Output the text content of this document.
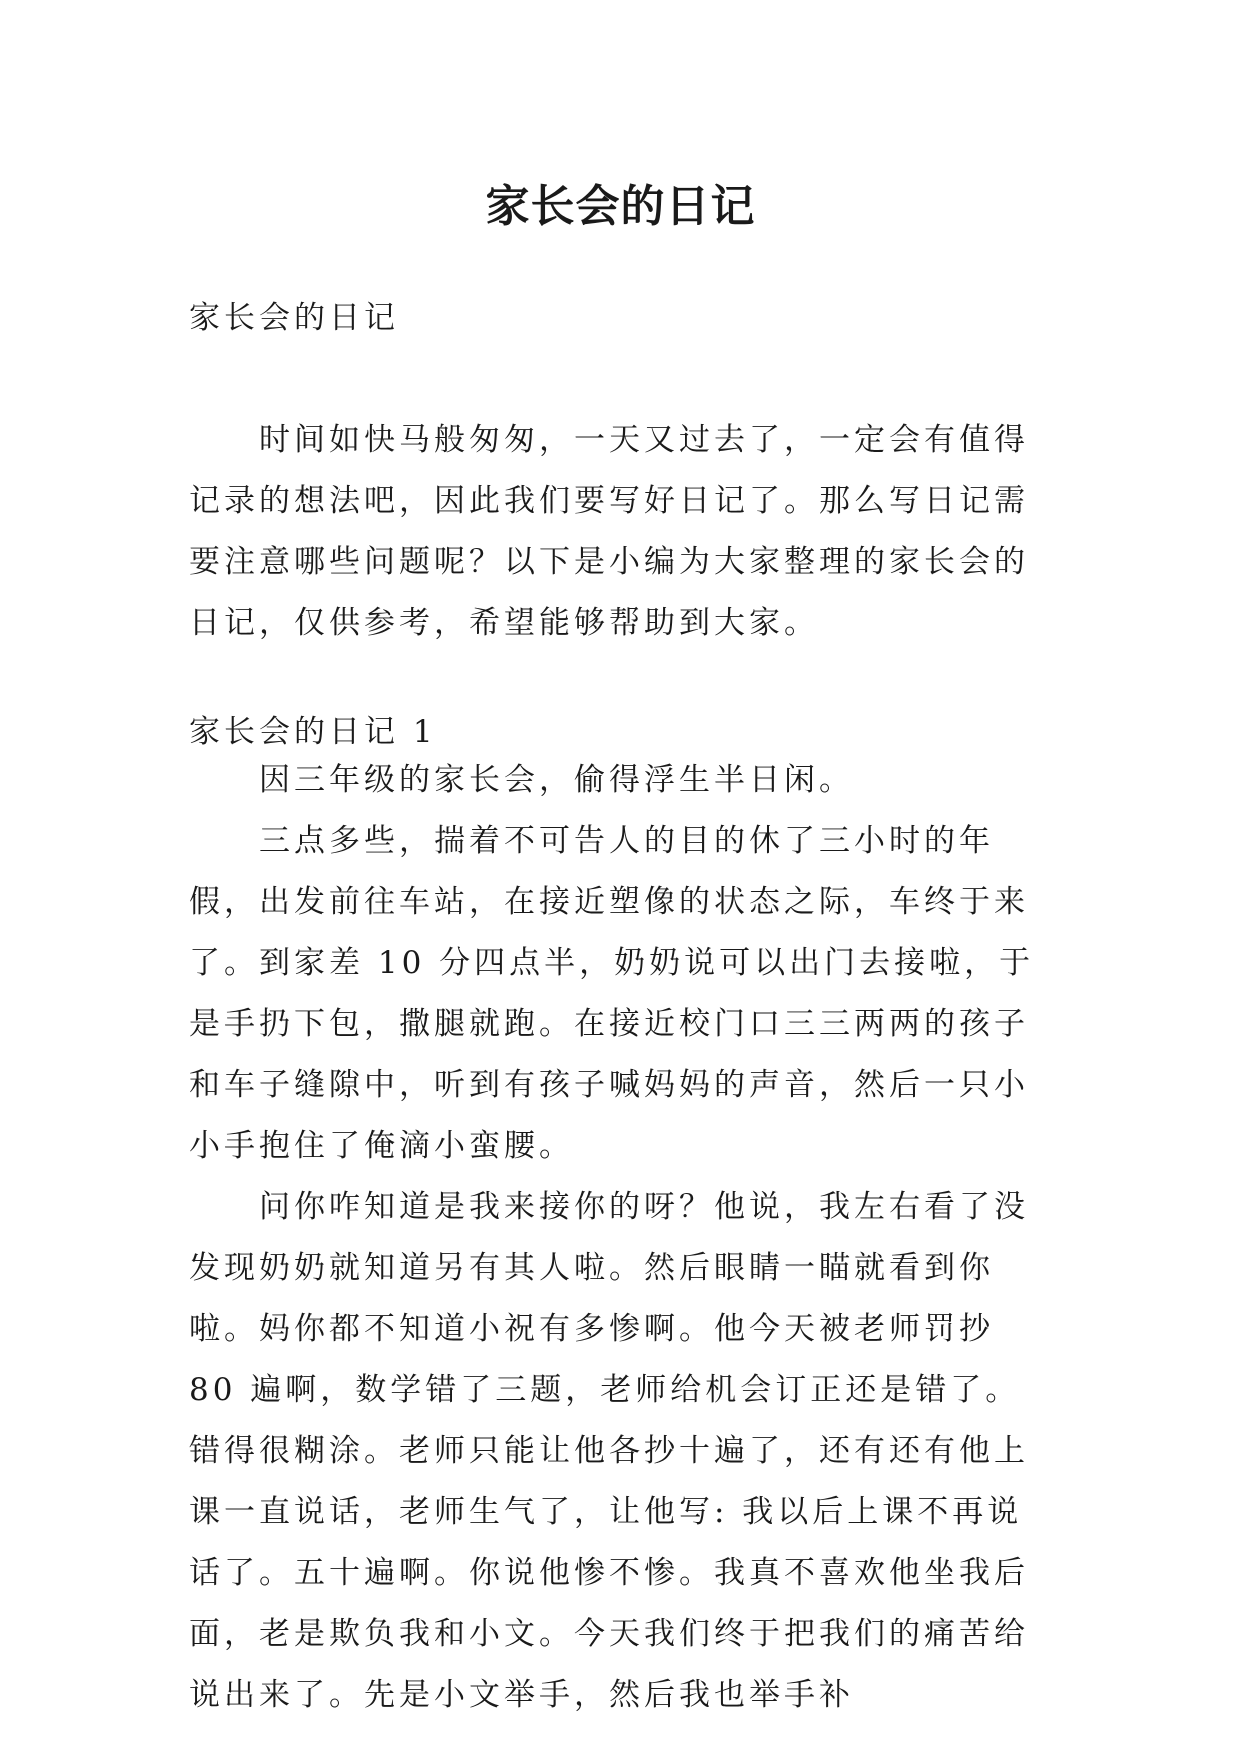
家长会的日记
家长会的日记

时间如快马般匆匆，一天又过去了，一定会有值得记录的想法吧，因此我们要写好日记了。那么写日记需要注意哪些问题呢？以下是小编为大家整理的家长会的日记，仅供参考，希望能够帮助到大家。

家长会的日记 1

因三年级的家长会，偷得浮生半日闲。

三点多些，揣着不可告人的目的休了三小时的年假，出发前往车站，在接近塑像的状态之际，车终于来了。到家差 10 分四点半，奶奶说可以出门去接啦，于是手扔下包，撒腿就跑。在接近校门口三三两两的孩子和车子缝隙中，听到有孩子喊妈妈的声音，然后一只小小手抱住了俺滴小蛮腰。

问你咋知道是我来接你的呀？他说，我左右看了没发现奶奶就知道另有其人啦。然后眼睛一瞄就看到你啦。妈你都不知道小祝有多惨啊。他今天被老师罚抄 80 遍啊，数学错了三题，老师给机会订正还是错了。错得很糊涂。老师只能让他各抄十遍了，还有还有他上课一直说话，老师生气了，让他写: 我以后上课不再说话了。五十遍啊。你说他惨不惨。我真不喜欢他坐我后面，老是欺负我和小文。今天我们终于把我们的痛苦给说出来了。先是小文举手，然后我也举手补
